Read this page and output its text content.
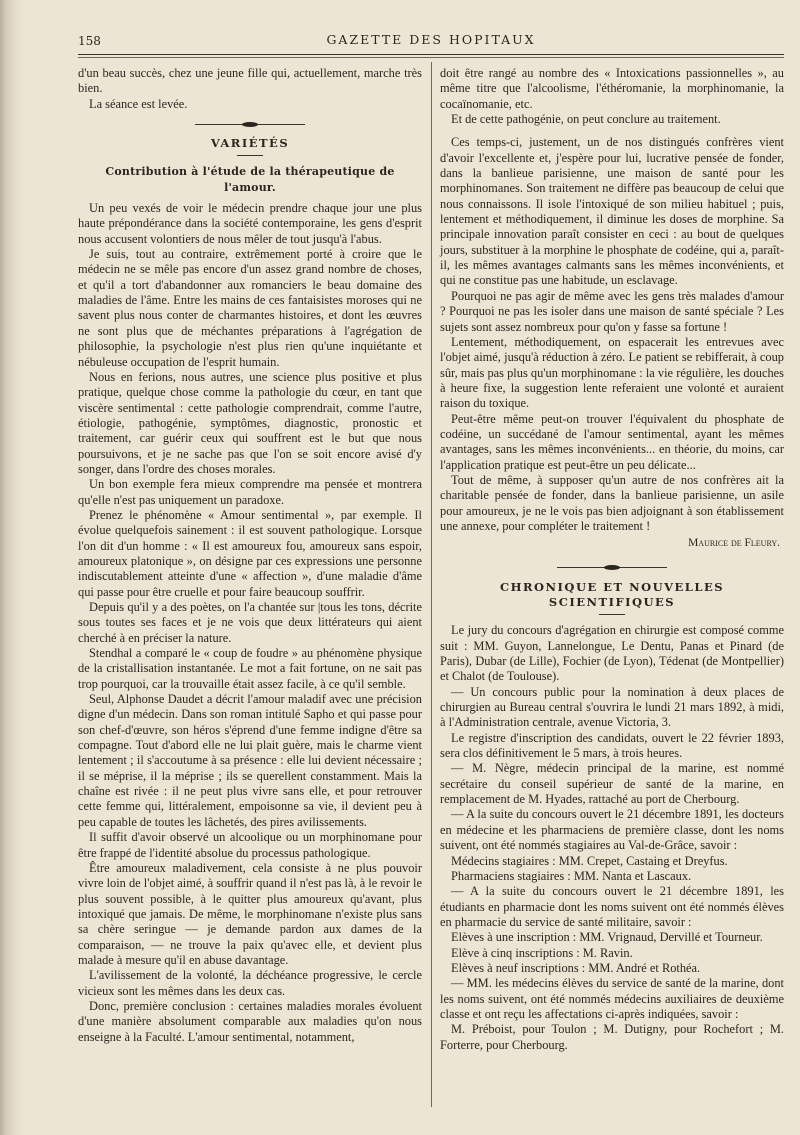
158	GAZETTE DES HOPITAUX

d'un beau succès, chez une jeune fille qui, actuellement, marche très bien.

La séance est levée.

VARIÉTÉS
Contribution à l'étude de la thérapeutique de l'amour.

Un peu vexés de voir le médecin prendre chaque jour une plus haute prépondérance dans la société contemporaine, les gens d'esprit nous accusent volontiers de nous mêler de tout jusqu'à l'abus.

Je suis, tout au contraire, extrêmement porté à croire que le médecin ne se mêle pas encore d'un assez grand nombre de choses, et qu'il a tort d'abandonner aux romanciers le beau domaine des maladies de l'âme. Entre les mains de ces fantaisistes moroses qui ne savent plus nous conter de charmantes histoires, et dont les œuvres ne sont plus que de méchantes préparations à l'agrégation de philosophie, la psychologie n'est plus rien qu'une inquiétante et nébuleuse occupation de l'esprit humain.

Nous en ferions, nous autres, une science plus positive et plus pratique, quelque chose comme la pathologie du cœur, en tant que viscère sentimental : cette pathologie comprendrait, comme l'autre, étiologie, pathogénie, symptômes, diagnostic, pronostic et traitement, car guérir ceux qui souffrent est le but que nous poursuivons, et je ne sache pas que l'on se soit encore avisé d'y songer, dans l'ordre des choses morales.

Un bon exemple fera mieux comprendre ma pensée et montrera qu'elle n'est pas uniquement un paradoxe.

Prenez le phénomène « Amour sentimental », par exemple. Il évolue quelquefois sainement : il est souvent pathologique. Lorsque l'on dit d'un homme : « Il est amoureux fou, amoureux sans espoir, amoureux platonique », on désigne par ces expressions une personne indiscutablement atteinte d'une « affection », d'une maladie d'âme qui passe pour être cruelle et pour faire beaucoup souffrir.

Depuis qu'il y a des poètes, on l'a chantée sur |tous les tons, décrite sous toutes ses faces et je ne vois que deux littérateurs qui aient cherché à en préciser la nature.

Stendhal a comparé le « coup de foudre » au phénomène physique de la cristallisation instantanée. Le mot a fait fortune, on ne sait pas trop pourquoi, car la trouvaille était assez facile, à ce qu'il semble.

Seul, Alphonse Daudet a décrit l'amour maladif avec une précision digne d'un médecin. Dans son roman intitulé Sapho et qui passe pour son chef-d'œuvre, son héros s'éprend d'une femme indigne d'être sa compagne. Tout d'abord elle ne lui plait guère, mais le charme vient lentement ; il s'accoutume à sa présence : elle lui devient nécessaire ; il se méprise, il la méprise ; ils se querellent constamment. Mais la chaîne est rivée : il ne peut plus vivre sans elle, et pour retrouver cette femme qui, littéralement, empoisonne sa vie, il devient peu à peu capable de toutes les lâchetés, des pires avilissements.

Il suffit d'avoir observé un alcoolique ou un morphinomane pour être frappé de l'identité absolue du processus pathologique.

Être amoureux maladivement, cela consiste à ne plus pouvoir vivre loin de l'objet aimé, à souffrir quand il n'est pas là, à le revoir le plus souvent possible, à le quitter plus amoureux qu'avant, plus intoxiqué que jamais. De même, le morphinomane n'existe plus sans sa chère seringue — je demande pardon aux dames de la comparaison, — ne trouve la paix qu'avec elle, et devient plus malade à mesure qu'il en abuse davantage.

L'avilissement de la volonté, la déchéance progressive, le cercle vicieux sont les mêmes dans les deux cas.

Donc, première conclusion : certaines maladies morales évoluent d'une manière absolument comparable aux maladies qu'on nous enseigne à la Faculté. L'amour sentimental, notamment,

doit être rangé au nombre des « Intoxications passionnelles », au même titre que l'alcoolisme, l'éthéromanie, la morphinomanie, la cocaïnomanie, etc.

Et de cette pathogénie, on peut conclure au traitement.

Ces temps-ci, justement, un de nos distingués confrères vient d'avoir l'excellente et, j'espère pour lui, lucrative pensée de fonder, dans la banlieue parisienne, une maison de santé pour les morphinomanes. Son traitement ne diffère pas beaucoup de celui que nous connaissons. Il isole l'intoxiqué de son milieu habituel ; puis, lentement et méthodiquement, il diminue les doses de morphine. Sa principale innovation paraît consister en ceci : au bout de quelques jours, substituer à la morphine le phosphate de codéine, qui a, paraît-il, les mêmes avantages calmants sans les mêmes inconvénients, et qui ne constitue pas une habitude, un esclavage.

Pourquoi ne pas agir de même avec les gens très malades d'amour ? Pourquoi ne pas les isoler dans une maison de santé spéciale ? Les sujets sont assez nombreux pour qu'on y fasse sa fortune !

Lentement, méthodiquement, on espacerait les entrevues avec l'objet aimé, jusqu'à réduction à zéro. Le patient se rebifferait, à coup sûr, mais pas plus qu'un morphinomane : la vie régulière, les douches à heure fixe, la suggestion lente referaient une volonté et auraient raison du toxique.

Peut-être même peut-on trouver l'équivalent du phosphate de codéine, un succédané de l'amour sentimental, ayant les mêmes avantages, sans les mêmes inconvénients... en théorie, du moins, car l'application pratique est peut-être un peu délicate...

Tout de même, à supposer qu'un autre de nos confrères ait la charitable pensée de fonder, dans la banlieue parisienne, un asile pour amoureux, je ne le vois pas bien adjoignant à son établissement une annexe, pour compléter le traitement !

Maurice de Fleury.
CHRONIQUE ET NOUVELLES SCIENTIFIQUES

Le jury du concours d'agrégation en chirurgie est composé comme suit : MM. Guyon, Lannelongue, Le Dentu, Panas et Pinard (de Paris), Dubar (de Lille), Fochier (de Lyon), Tédenat (de Montpellier) et Chalot (de Toulouse).

— Un concours public pour la nomination à deux places de chirurgien au Bureau central s'ouvrira le lundi 21 mars 1892, à midi, à l'Administration centrale, avenue Victoria, 3.

Le registre d'inscription des candidats, ouvert le 22 février 1893, sera clos définitivement le 5 mars, à trois heures.

— M. Nègre, médecin principal de la marine, est nommé secrétaire du conseil supérieur de santé de la marine, en remplacement de M. Hyades, rattaché au port de Cherbourg.

— A la suite du concours ouvert le 21 décembre 1891, les docteurs en médecine et les pharmaciens de première classe, dont les noms suivent, ont été nommés stagiaires au Val-de-Grâce, savoir :

Médecins stagiaires : MM. Crepet, Castaing et Dreyfus.

Pharmaciens stagiaires : MM. Nanta et Lascaux.

— A la suite du concours ouvert le 21 décembre 1891, les étudiants en pharmacie dont les noms suivent ont été nommés élèves en pharmacie du service de santé militaire, savoir :

Elèves à une inscription : MM. Vrignaud, Dervillé et Tourneur.

Elève à cinq inscriptions : M. Ravin.

Elèves à neuf inscriptions : MM. André et Rothéa.

— MM. les médecins élèves du service de santé de la marine, dont les noms suivent, ont été nommés médecins auxiliaires de deuxième classe et ont reçu les affectations ci-après indiquées, savoir :

M. Préboist, pour Toulon ; M. Dutigny, pour Rochefort ; M. Forterre, pour Cherbourg.
